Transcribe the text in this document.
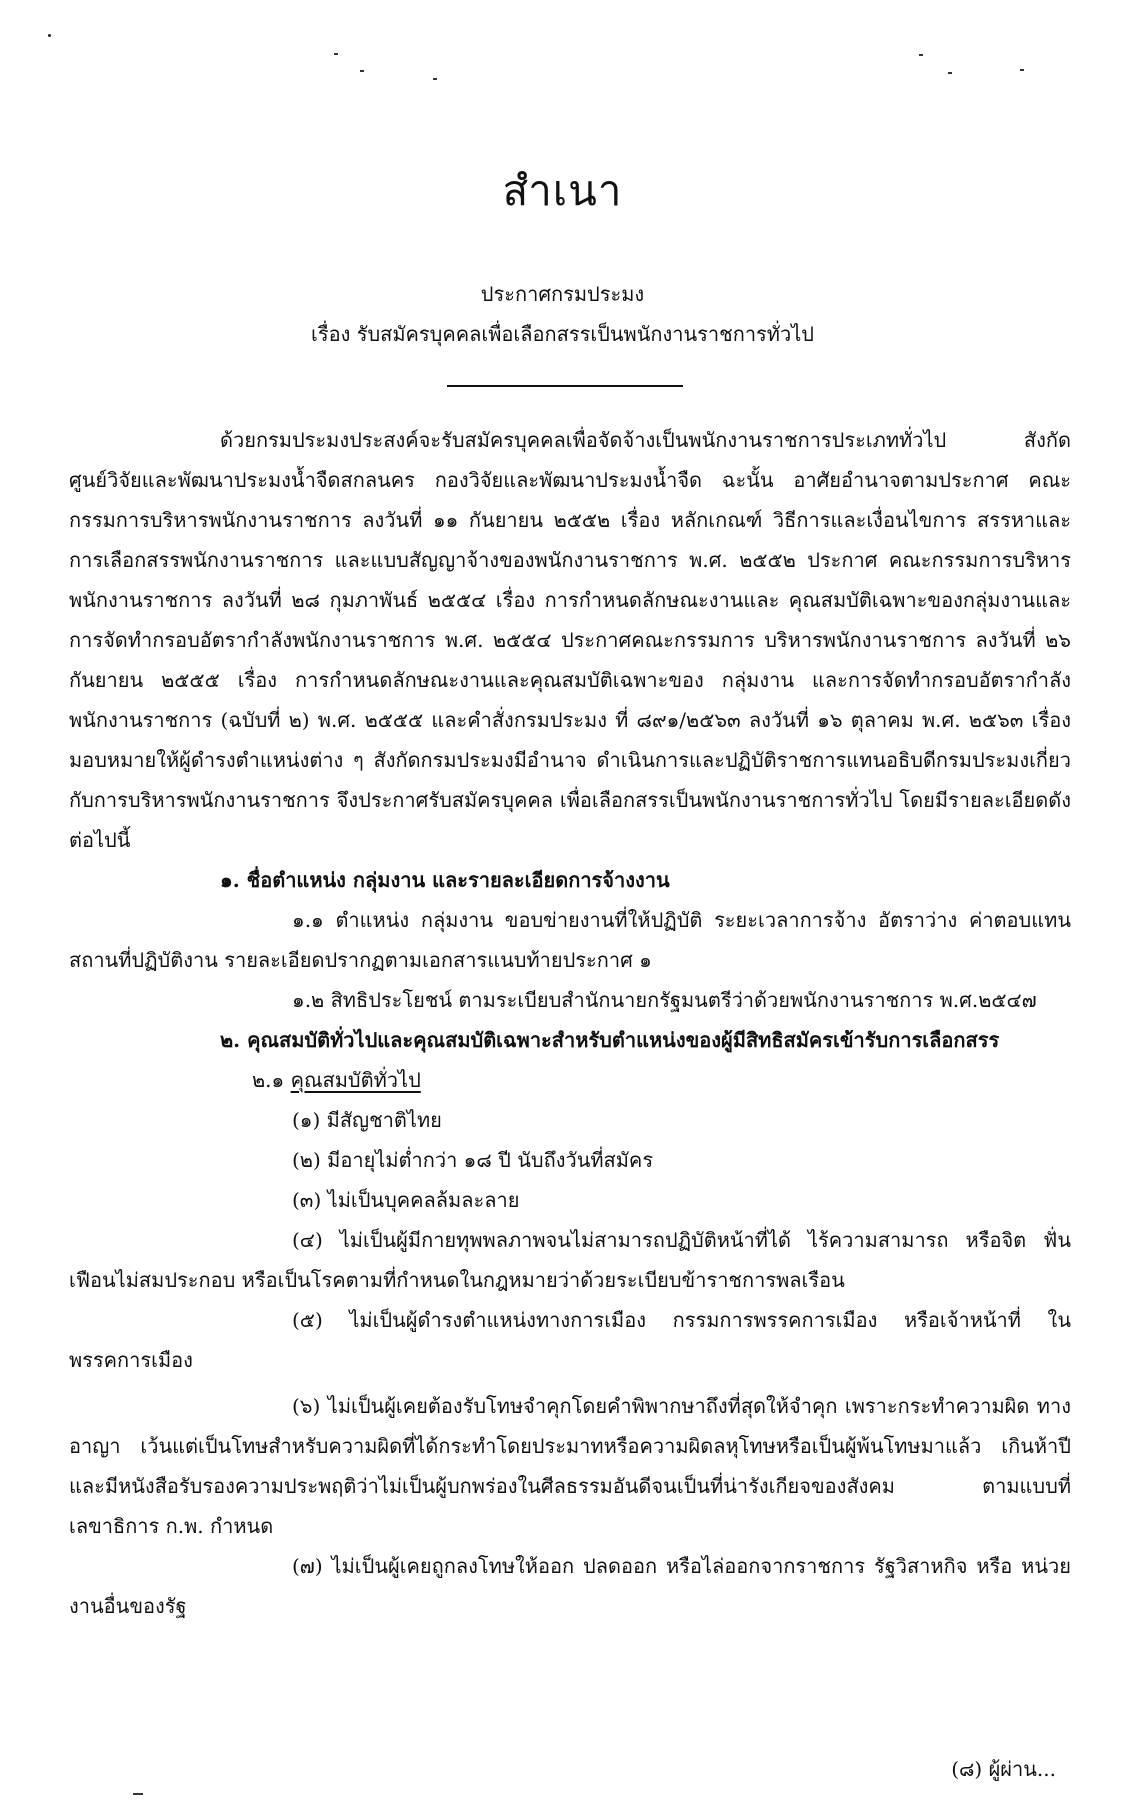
สำเนา
ประกาศกรมประมง
เรื่อง รับสมัครบุคคลเพื่อเลือกสรรเป็นพนักงานราชการทั่วไป

ด้วยกรมประมงประสงค์จะรับสมัครบุคคลเพื่อจัดจ้างเป็นพนักงานราชการประเภททั่วไป สังกัด ศูนย์วิจัยและพัฒนาประมงน้ำจืดสกลนคร กองวิจัยและพัฒนาประมงน้ำจืด ฉะนั้น อาศัยอำนาจตามประกาศ คณะกรรมการบริหารพนักงานราชการ ลงวันที่ ๑๑ กันยายน ๒๕๕๒ เรื่อง หลักเกณฑ์ วิธีการและเงื่อนไขการ สรรหาและการเลือกสรรพนักงานราชการ และแบบสัญญาจ้างของพนักงานราชการ พ.ศ. ๒๕๕๒ ประกาศ คณะกรรมการบริหารพนักงานราชการ ลงวันที่ ๒๘ กุมภาพันธ์ ๒๕๕๔ เรื่อง การกำหนดลักษณะงานและ คุณสมบัติเฉพาะของกลุ่มงานและการจัดทำกรอบอัตรากำลังพนักงานราชการ พ.ศ. ๒๕๕๔ ประกาศคณะกรรมการ บริหารพนักงานราชการ ลงวันที่ ๒๖ กันยายน ๒๕๕๕ เรื่อง การกำหนดลักษณะงานและคุณสมบัติเฉพาะของ กลุ่มงาน และการจัดทำกรอบอัตรากำลังพนักงานราชการ (ฉบับที่ ๒) พ.ศ. ๒๕๕๕ และคำสั่งกรมประมง ที่ ๘๙๑/๒๕๖๓ ลงวันที่ ๑๖ ตุลาคม พ.ศ. ๒๕๖๓ เรื่อง มอบหมายให้ผู้ดำรงตำแหน่งต่าง ๆ สังกัดกรมประมงมีอำนาจ ดำเนินการและปฏิบัติราชการแทนอธิบดีกรมประมงเกี่ยวกับการบริหารพนักงานราชการ จึงประกาศรับสมัครบุคคล เพื่อเลือกสรรเป็นพนักงานราชการทั่วไป โดยมีรายละเอียดดังต่อไปนี้

๑. ชื่อตำแหน่ง กลุ่มงาน และรายละเอียดการจ้างงาน

๑.๑ ตำแหน่ง กลุ่มงาน ขอบข่ายงานที่ให้ปฏิบัติ ระยะเวลาการจ้าง อัตราว่าง ค่าตอบแทน สถานที่ปฏิบัติงาน รายละเอียดปรากฏตามเอกสารแนบท้ายประกาศ ๑

๑.๒ สิทธิประโยชน์ ตามระเบียบสำนักนายกรัฐมนตรีว่าด้วยพนักงานราชการ พ.ศ.๒๕๔๗

๒. คุณสมบัติทั่วไปและคุณสมบัติเฉพาะสำหรับตำแหน่งของผู้มีสิทธิสมัครเข้ารับการเลือกสรร

๒.๑ คุณสมบัติทั่วไป

(๑) มีสัญชาติไทย

(๒) มีอายุไม่ต่ำกว่า ๑๘ ปี นับถึงวันที่สมัคร

(๓) ไม่เป็นบุคคลล้มละลาย

(๔) ไม่เป็นผู้มีกายทุพพลภาพจนไม่สามารถปฏิบัติหน้าที่ได้ ไร้ความสามารถ หรือจิต ฟั่นเฟือนไม่สมประกอบ หรือเป็นโรคตามที่กำหนดในกฎหมายว่าด้วยระเบียบข้าราชการพลเรือน

(๕) ไม่เป็นผู้ดำรงตำแหน่งทางการเมือง กรรมการพรรคการเมือง หรือเจ้าหน้าที่ ในพรรคการเมือง

(๖) ไม่เป็นผู้เคยต้องรับโทษจำคุกโดยคำพิพากษาถึงที่สุดให้จำคุก เพราะกระทำความผิด ทางอาญา เว้นแต่เป็นโทษสำหรับความผิดที่ได้กระทำโดยประมาทหรือความผิดลหุโทษหรือเป็นผู้พ้นโทษมาแล้ว เกินห้าปีและมีหนังสือรับรองความประพฤติว่าไม่เป็นผู้บกพร่องในศีลธรรมอันดีจนเป็นที่น่ารังเกียจของสังคม ตามแบบที่เลขาธิการ ก.พ. กำหนด

(๗) ไม่เป็นผู้เคยถูกลงโทษให้ออก ปลดออก หรือไล่ออกจากราชการ รัฐวิสาหกิจ หรือ หน่วยงานอื่นของรัฐ

(๘) ผู้ผ่าน...
